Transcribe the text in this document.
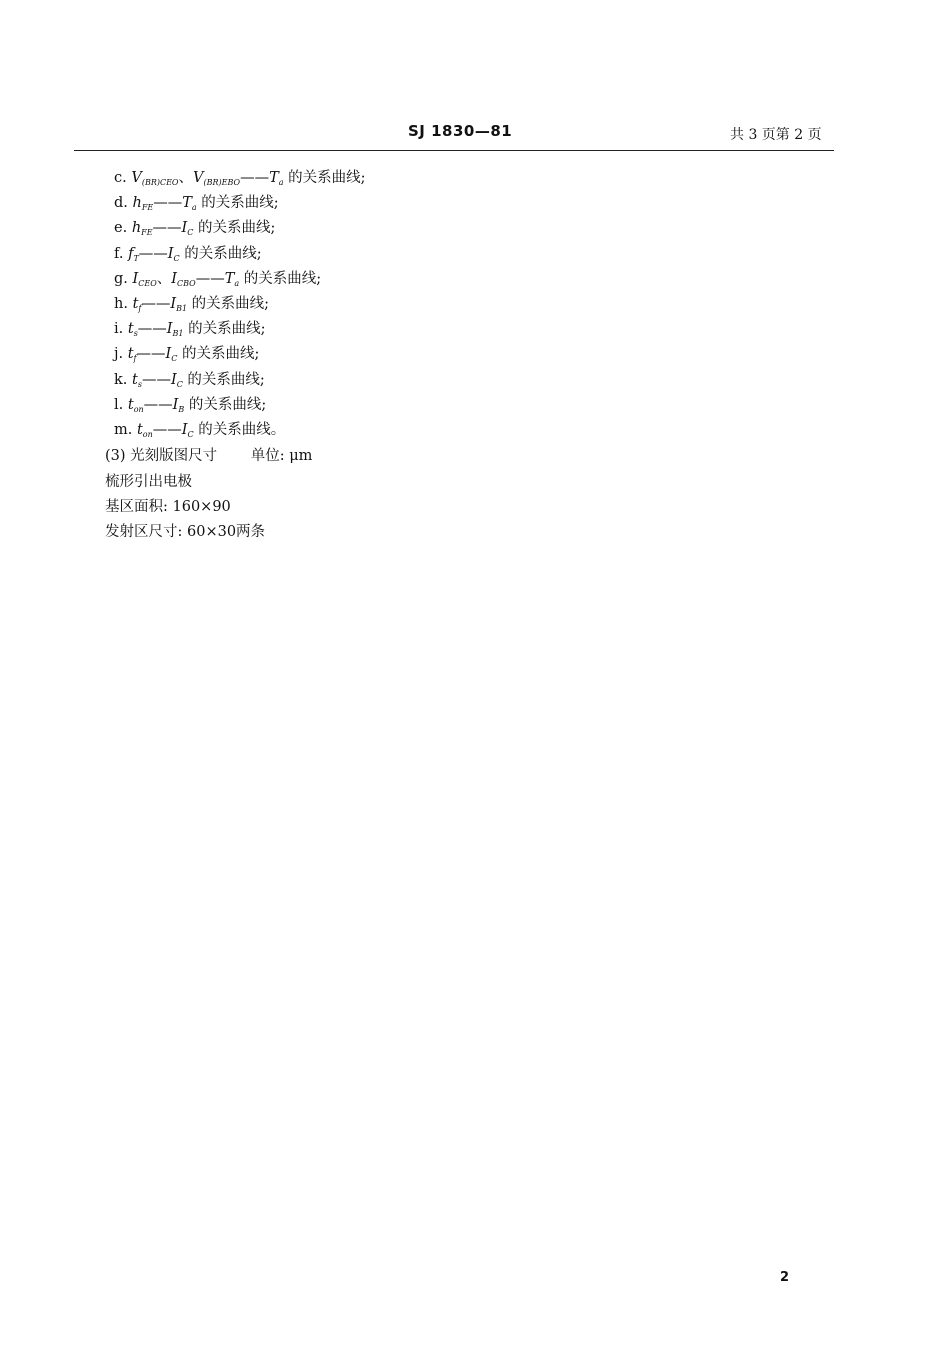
SJ 1830—81	共 3 页第 2 页
c. $V_{(BR)CEO}$、$V_{(BR)EBO}——T_a$ 的关系曲线;
d. $h_{FE}——T_a$ 的关系曲线;
e. $h_{FE}——I_C$ 的关系曲线;
f. $f_T——I_C$ 的关系曲线;
g. $I_{CEO}$、$I_{CBO}——T_a$ 的关系曲线;
h. $t_f——I_{B1}$ 的关系曲线;
i. $t_s——I_{B1}$ 的关系曲线;
j. $t_f——I_C$ 的关系曲线;
k. $t_s——I_C$ 的关系曲线;
l. $t_{on}——I_B$ 的关系曲线;
m. $t_{on}——I_C$ 的关系曲线。
(3) 光刻版图尺寸 　　单位: μm
梳形引出电极
基区面积: 160×90
发射区尺寸: 60×30两条
2
